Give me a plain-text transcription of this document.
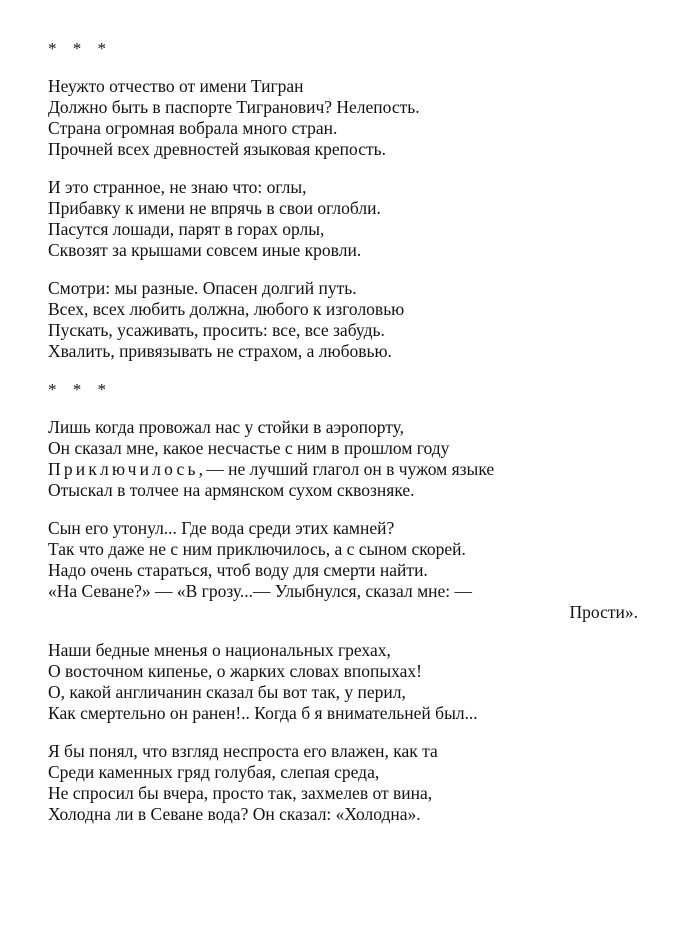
* * *
Неужто отчество от имени Тигран
Должно быть в паспорте Тигранович? Нелепость.
Страна огромная вобрала много стран.
Прочней всех древностей языковая крепость.
И это странное, не знаю что: оглы,
Прибавку к имени не впрячь в свои оглобли.
Пасутся лошади, парят в горах орлы,
Сквозят за крышами совсем иные кровли.
Смотри: мы разные. Опасен долгий путь.
Всех, всех любить должна, любого к изголовью
Пускать, усаживать, просить: все, все забудь.
Хвалить, привязывать не страхом, а любовью.
* * *
Лишь когда провожал нас у стойки в аэропорту,
Он сказал мне, какое несчастье с ним в прошлом году
Приключилось,— не лучший глагол он в чужом языке
Отыскал в толчее на армянском сухом сквозняке.
Сын его утонул... Где вода среди этих камней?
Так что даже не с ним приключилось, а с сыном скорей.
Надо очень стараться, чтоб воду для смерти найти.
«На Севане?» — «В грозу...— Улыбнулся, сказал мне: —
Прости».
Наши бедные мненья о национальных грехах,
О восточном кипенье, о жарких словах впопыхах!
О, какой англичанин сказал бы вот так, у перил,
Как смертельно он ранен!.. Когда б я внимательней был...
Я бы понял, что взгляд неспроста его влажен, как та
Среди каменных гряд голубая, слепая среда,
Не спросил бы вчера, просто так, захмелев от вина,
Холодна ли в Севане вода? Он сказал: «Холодна».
